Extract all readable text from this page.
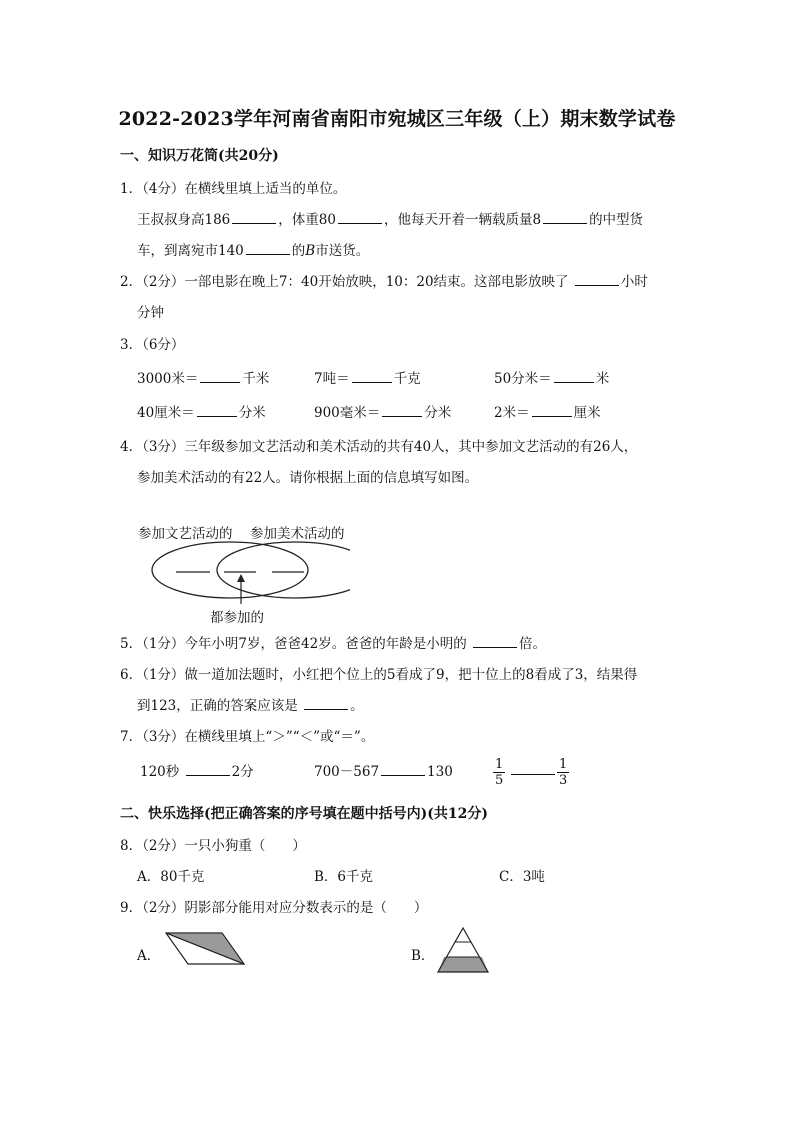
2022-2023学年河南省南阳市宛城区三年级（上）期末数学试卷
一、知识万花筒(共20分)
1．（4分）在横线里填上适当的单位。
王叔叔身高186	，体重80	，他每天开着一辆载质量8	的中型货
车，到离宛市140	的B市送货。
2．（2分）一部电影在晚上7：40开始放映，10：20结束。这部电影放映了	小时
分钟
3．（6分）
3000米＝	千米	7吨＝	千克	50分米＝	米
40厘米＝	分米	900毫米＝	分米	2米＝	厘米
4．（3分）三年级参加文艺活动和美术活动的共有40人，其中参加文艺活动的有26人，
参加美术活动的有22人。请你根据上面的信息填写如图。
参加文艺活动的 参加美术活动的
都参加的
5．（1分）今年小明7岁，爸爸42岁。爸爸的年龄是小明的	倍。
6．（1分）做一道加法题时，小红把个位上的5看成了9，把十位上的8看成了3，结果得
到123，正确的答案应该是	。
7．（3分）在横线里填上“＞”“＜”或“＝”。
120秒	2分	700－567	130	$\frac{1}{5}$	$\frac{1}{3}$
二、快乐选择(把正确答案的序号填在题中括号内)(共12分)
8．（2分）一只小狗重（　　）
A．80千克	B．6千克	C．3吨
9．（2分）阴影部分能用对应分数表示的是（　　）
A．	B．
